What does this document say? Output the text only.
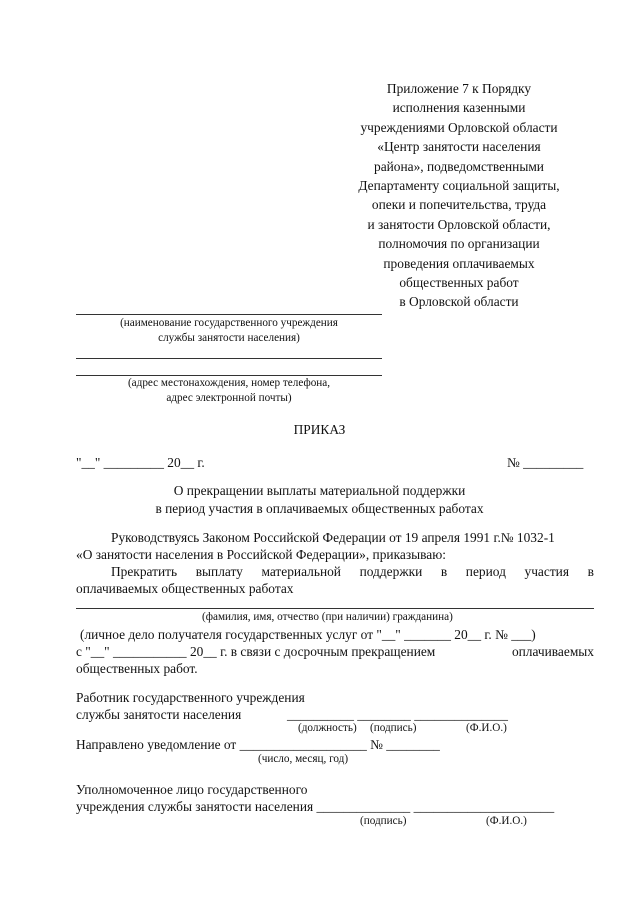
Приложение 7 к Порядку
исполнения казенными
учреждениями Орловской области
«Центр занятости населения
района», подведомственными
Департаменту социальной защиты,
опеки и попечительства, труда
и занятости Орловской области,
полномочия по организации
проведения оплачиваемых
общественных работ
в Орловской области
(наименование государственного учреждения
службы занятости населения)
(адрес местонахождения, номер телефона,
адрес электронной почты)
ПРИКАЗ
"__" _________ 20__ г.	№ _________
О прекращении выплаты материальной поддержки
в период участия в оплачиваемых общественных работах
Руководствуясь Законом Российской Федерации от 19 апреля 1991 г.№ 1032-1
«О занятости населения в Российской Федерации», приказываю:
Прекратить выплату материальной поддержки в период участия в
оплачиваемых общественных работах
(фамилия, имя, отчество (при наличии) гражданина)
(личное дело получателя государственных услуг от "__" _______ 20__ г. № ___)
с "__" ___________ 20__ г. в связи с досрочным прекращением	оплачиваемых
общественных работ.
Работник государственного учреждения
службы занятости населения	__________ ________ ______________
(должность) (подпись)	(Ф.И.О.)
Направлено уведомление от ___________________ № ________
(число, месяц, год)
Уполномоченное лицо государственного
учреждения службы занятости населения ______________ _____________________
(подпись)	(Ф.И.О.)
